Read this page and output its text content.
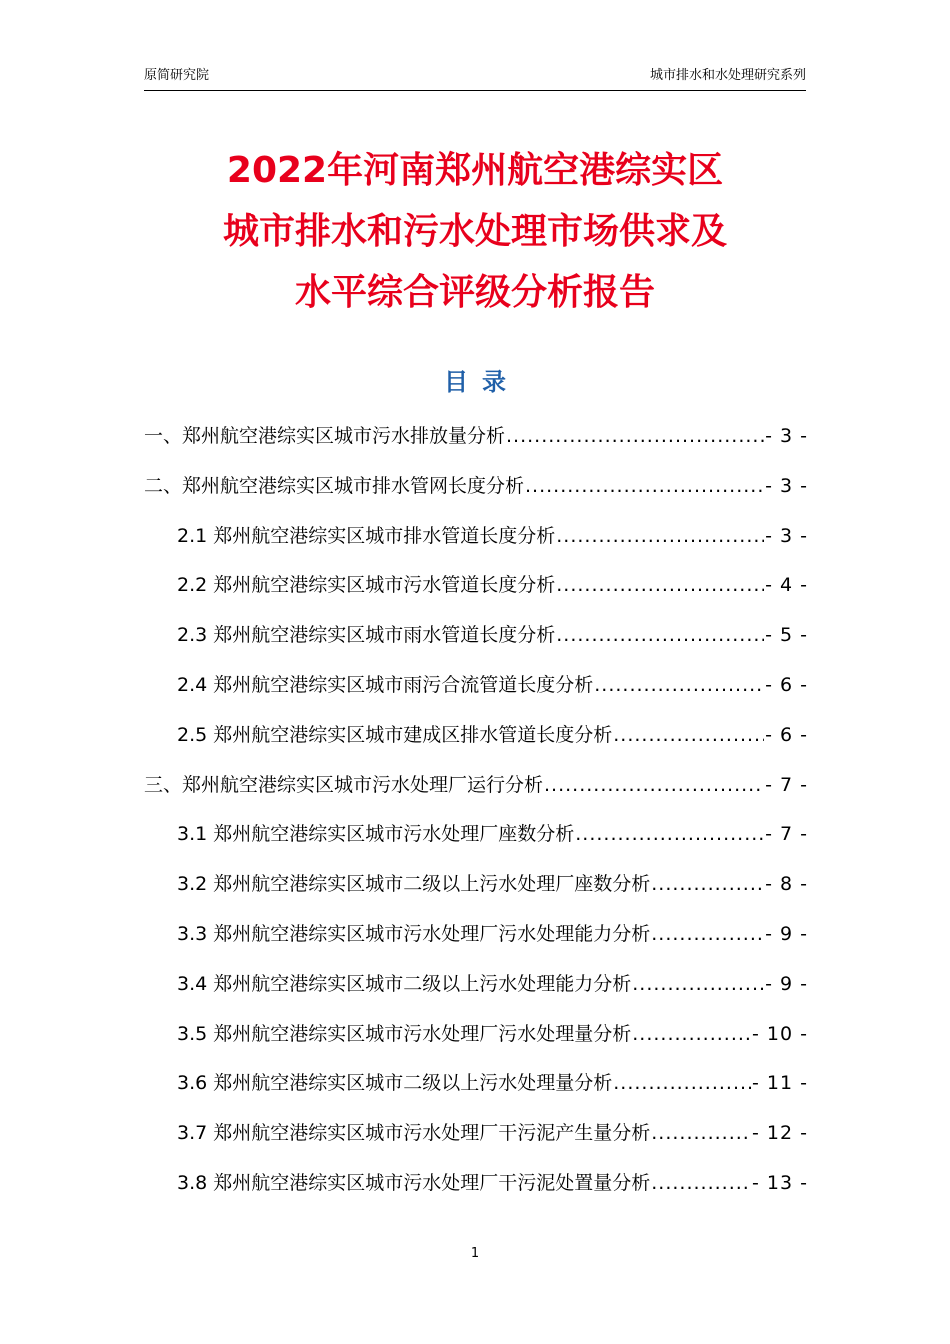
原简研究院	城市排水和水处理研究系列
2022年河南郑州航空港综实区
城市排水和污水处理市场供求及
水平综合评级分析报告
目录
一、郑州航空港综实区城市污水排放量分析 .....	- 3 -
二、郑州航空港综实区城市排水管网长度分析 .....	- 3 -
2.1 郑州航空港综实区城市排水管道长度分析 .....	- 3 -
2.2 郑州航空港综实区城市污水管道长度分析 .....	- 4 -
2.3 郑州航空港综实区城市雨水管道长度分析 .....	- 5 -
2.4 郑州航空港综实区城市雨污合流管道长度分析 .....	- 6 -
2.5 郑州航空港综实区城市建成区排水管道长度分析 .....	- 6 -
三、郑州航空港综实区城市污水处理厂运行分析 .....	- 7 -
3.1 郑州航空港综实区城市污水处理厂座数分析 .....	- 7 -
3.2 郑州航空港综实区城市二级以上污水处理厂座数分析 .....	- 8 -
3.3 郑州航空港综实区城市污水处理厂污水处理能力分析 .....	- 9 -
3.4 郑州航空港综实区城市二级以上污水处理能力分析 .....	- 9 -
3.5 郑州航空港综实区城市污水处理厂污水处理量分析 .....	- 10 -
3.6 郑州航空港综实区城市二级以上污水处理量分析 .....	- 11 -
3.7 郑州航空港综实区城市污水处理厂干污泥产生量分析 .....	- 12 -
3.8 郑州航空港综实区城市污水处理厂干污泥处置量分析 .....	- 13 -
1
